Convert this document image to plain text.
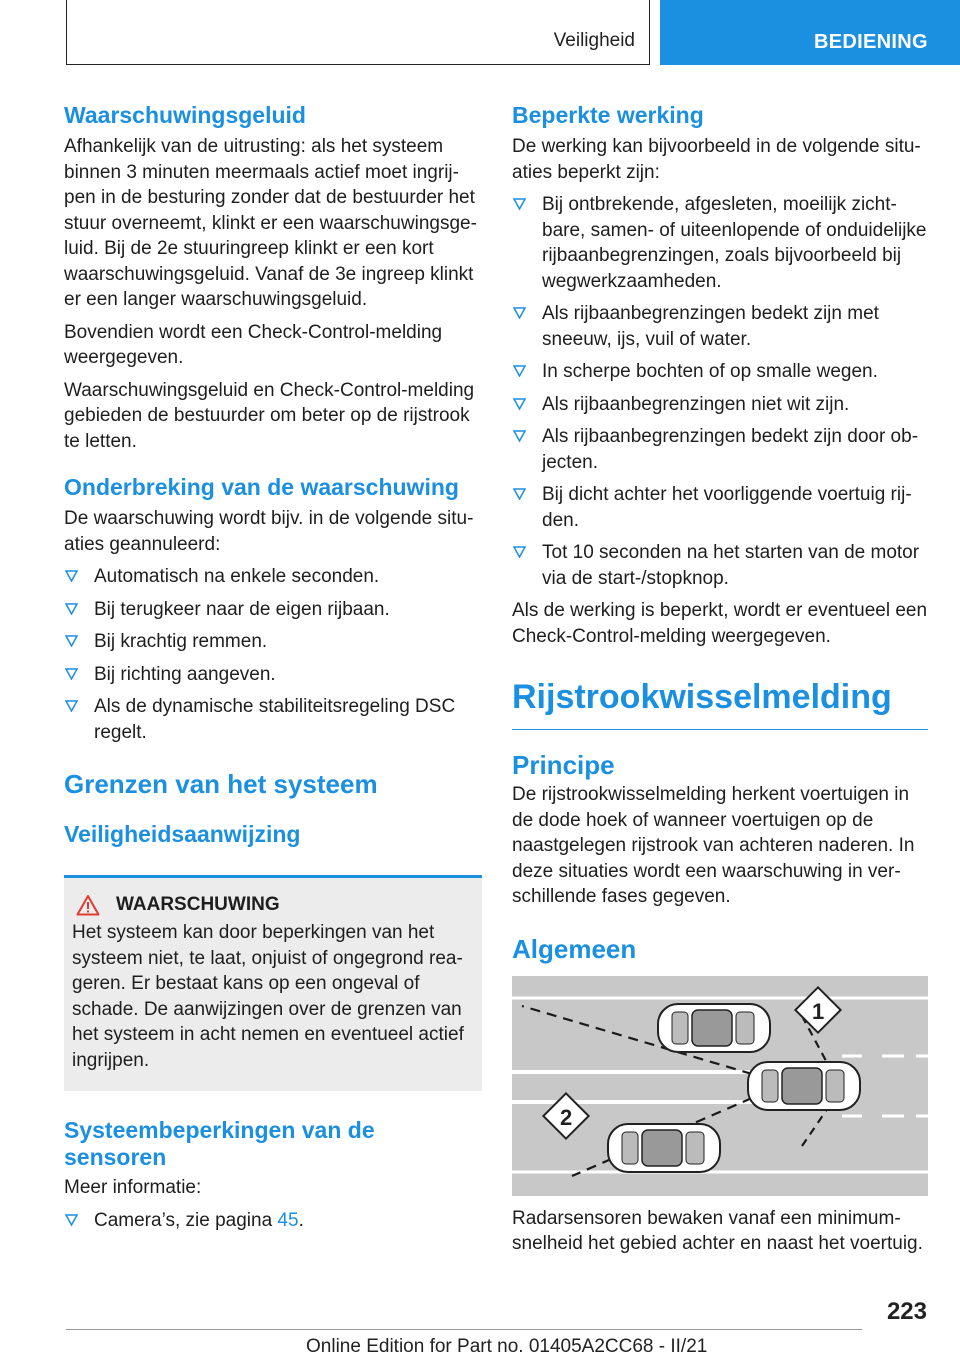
Veiligheid	BEDIENING
Waarschuwingsgeluid

Afhankelijk van de uitrusting: als het systeem binnen 3 minuten meermaals actief moet ingrijpen in de besturing zonder dat de bestuurder het stuur overneemt, klinkt er een waarschuwingsgeluid. Bij de 2e stuuringreep klinkt er een kort waarschuwingsgeluid. Vanaf de 3e ingreep klinkt er een langer waarschuwingsgeluid.

Bovendien wordt een Check-Control-melding weergegeven.

Waarschuwingsgeluid en Check-Control-melding gebieden de bestuurder om beter op de rijstrook te letten.

Onderbreking van de waarschuwing

De waarschuwing wordt bijv. in de volgende situaties geannuleerd:

Automatisch na enkele seconden.
Bij terugkeer naar de eigen rijbaan.
Bij krachtig remmen.
Bij richting aangeven.
Als de dynamische stabiliteitsregeling DSC regelt.
Grenzen van het systeem
Veiligheidsaanwijzing
WAARSCHUWING

Het systeem kan door beperkingen van het systeem niet, te laat, onjuist of ongegrond reageren. Er bestaat kans op een ongeval of schade. De aanwijzingen over de grenzen van het systeem in acht nemen en eventueel actief ingrijpen.

Systeembeperkingen van de sensoren

Meer informatie:

Camera’s, zie pagina 45.
Beperkte werking

De werking kan bijvoorbeeld in de volgende situaties beperkt zijn:

Bij ontbrekende, afgesleten, moeilijk zichtbare, samen- of uiteenlopende of onduidelijke rijbaanbegrenzingen, zoals bijvoorbeeld bij wegwerkzaamheden.
Als rijbaanbegrenzingen bedekt zijn met sneeuw, ijs, vuil of water.
In scherpe bochten of op smalle wegen.
Als rijbaanbegrenzingen niet wit zijn.
Als rijbaanbegrenzingen bedekt zijn door objecten.
Bij dicht achter het voorliggende voertuig rijden.
Tot 10 seconden na het starten van de motor via de start-/stopknop.

Als de werking is beperkt, wordt er eventueel een Check-Control-melding weergegeven.

Rijstrookwisselmelding
Principe

De rijstrookwisselmelding herkent voertuigen in de dode hoek of wanneer voertuigen op de naastgelegen rijstrook van achteren naderen. In deze situaties wordt een waarschuwing in verschillende fases gegeven.

Algemeen
1
2

Radarsensoren bewaken vanaf een minimumsnelheid het gebied achter en naast het voertuig.

223
Online Edition for Part no. 01405A2CC68 - II/21
